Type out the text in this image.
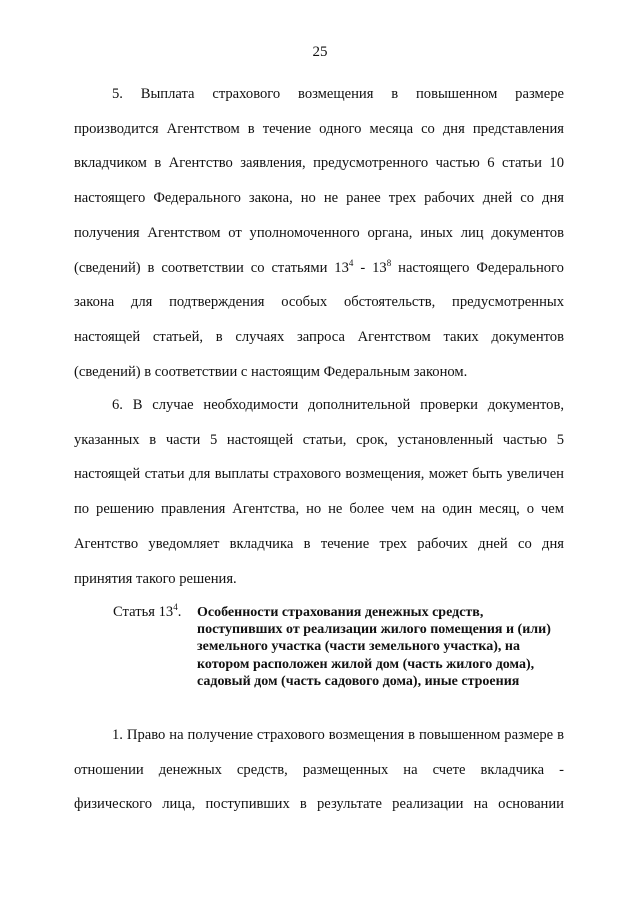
25

5. Выплата страхового возмещения в повышенном размере производится Агентством в течение одного месяца со дня представления вкладчиком в Агентство заявления, предусмотренного частью 6 статьи 10 настоящего Федерального закона, но не ранее трех рабочих дней со дня получения Агентством от уполномоченного органа, иных лиц документов (сведений) в соответствии со статьями $13^4 - 13^8$ настоящего Федерального закона для подтверждения особых обстоятельств, предусмотренных настоящей статьей, в случаях запроса Агентством таких документов (сведений) в соответствии с настоящим Федеральным законом.

6. В случае необходимости дополнительной проверки документов, указанных в части 5 настоящей статьи, срок, установленный частью 5 настоящей статьи для выплаты страхового возмещения, может быть увеличен по решению правления Агентства, но не более чем на один месяц, о чем Агентство уведомляет вкладчика в течение трех рабочих дней со дня принятия такого решения.

Статья $13^4$. Особенности страхования денежных средств, поступивших от реализации жилого помещения и (или) земельного участка (части земельного участка), на котором расположен жилой дом (часть жилого дома), садовый дом (часть садового дома), иные строения

1. Право на получение страхового возмещения в повышенном размере в отношении денежных средств, размещенных на счете вкладчика - физического лица, поступивших в результате реализации на основании
